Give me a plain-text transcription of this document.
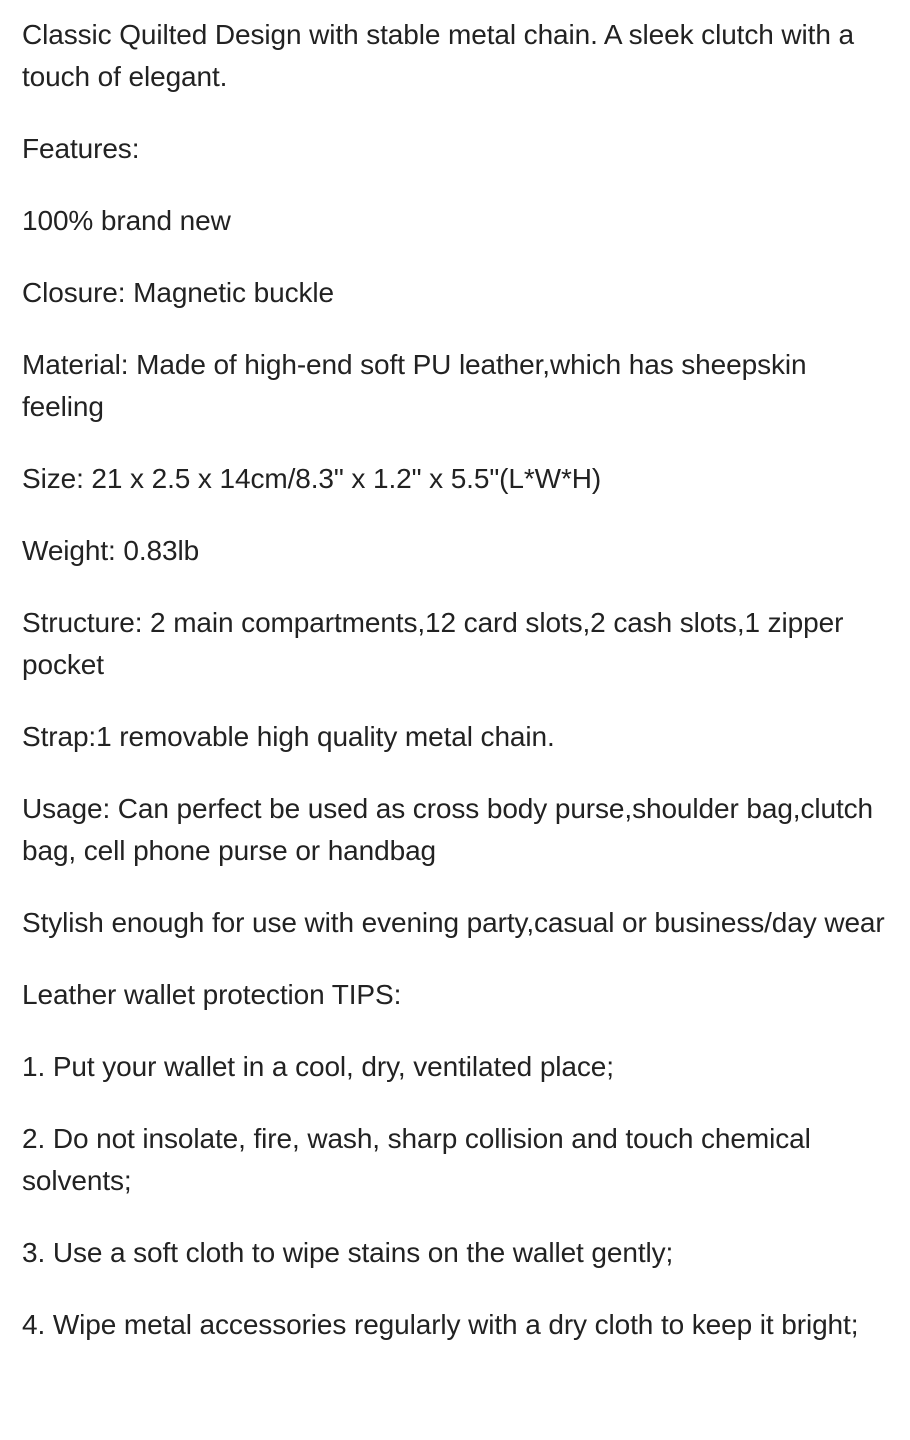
Classic Quilted Design with stable metal chain. A sleek clutch with a touch of elegant.

Features:

100% brand new

Closure: Magnetic buckle

Material: Made of high-end soft PU leather,which has sheepskin feeling

Size: 21 x 2.5 x 14cm/8.3" x 1.2" x 5.5"(L*W*H)

Weight: 0.83lb

Structure: 2 main compartments,12 card slots,2 cash slots,1 zipper pocket

Strap:1 removable high quality metal chain.

Usage: Can perfect be used as cross body purse,shoulder bag,clutch bag, cell phone purse or handbag

Stylish enough for use with evening party,casual or business/day wear

Leather wallet protection TIPS:

1. Put your wallet in a cool, dry, ventilated place;

2. Do not insolate, fire, wash, sharp collision and touch chemical solvents;

3. Use a soft cloth to wipe stains on the wallet gently;

4. Wipe metal accessories regularly with a dry cloth to keep it bright;
